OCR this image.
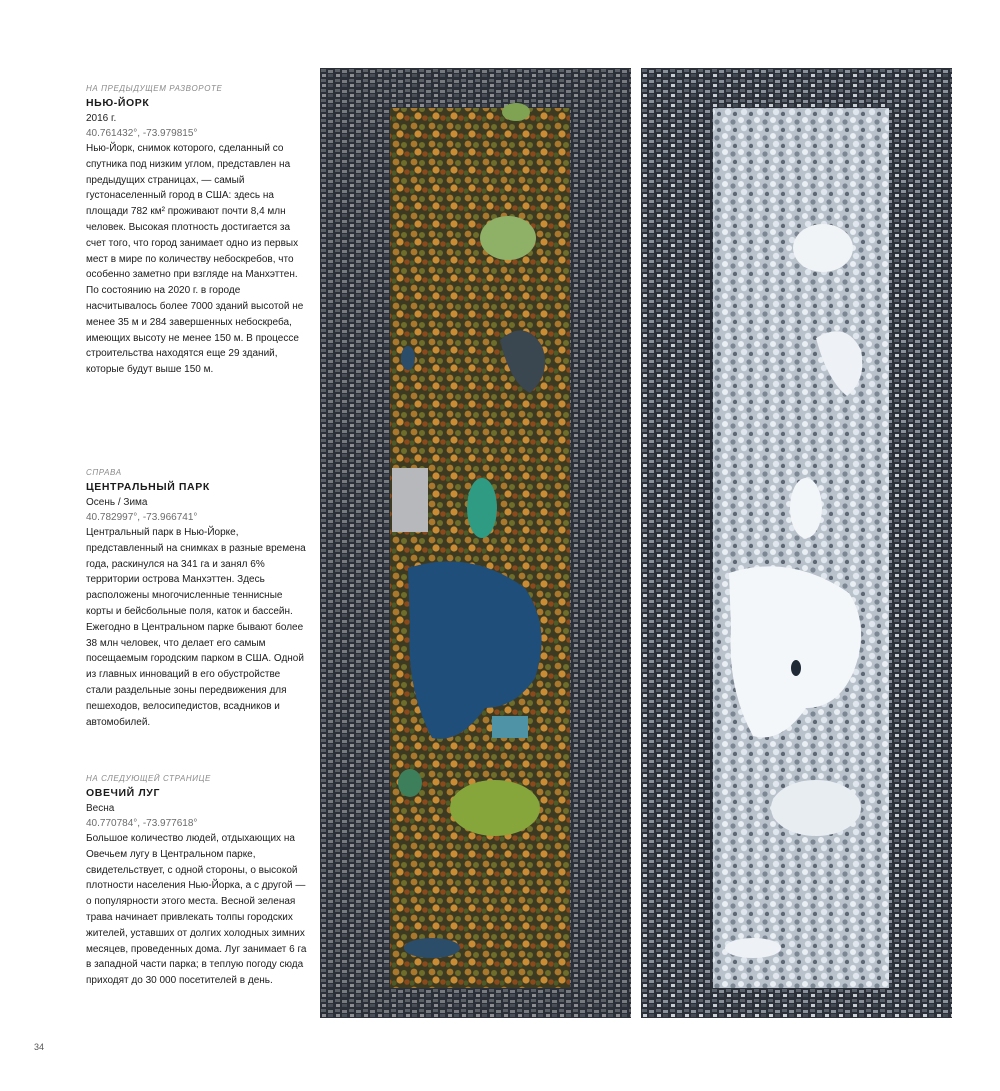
НА ПРЕДЫДУЩЕМ РАЗВОРОТЕ
НЬЮ-ЙОРК
2016 г.
40.761432°, -73.979815°

Нью-Йорк, снимок которого, сделанный со спутника под низким углом, представлен на предыдущих страницах, — самый густонаселенный город в США: здесь на площади 782 км² проживают почти 8,4 млн человек. Высокая плотность достигается за счет того, что город занимает одно из первых мест в мире по количеству небоскребов, что особенно заметно при взгляде на Манхэттен. По состоянию на 2020 г. в городе насчитывалось более 7000 зданий высотой не менее 35 м и 284 завершенных небоскреба, имеющих высоту не менее 150 м. В процессе строительства находятся еще 29 зданий, которые будут выше 150 м.

СПРАВА
ЦЕНТРАЛЬНЫЙ ПАРК
Осень / Зима
40.782997°, -73.966741°

Центральный парк в Нью-Йорке, представленный на снимках в разные времена года, раскинулся на 341 га и занял 6% территории острова Манхэттен. Здесь расположены многочисленные теннисные корты и бейсбольные поля, каток и бассейн. Ежегодно в Центральном парке бывают более 38 млн человек, что делает его самым посещаемым городским парком в США. Одной из главных инноваций в его обустройстве стали раздельные зоны передвижения для пешеходов, велосипедистов, всадников и автомобилей.

НА СЛЕДУЮЩЕЙ СТРАНИЦЕ
ОВЕЧИЙ ЛУГ
Весна
40.770784°, -73.977618°

Большое количество людей, отдыхающих на Овечьем лугу в Центральном парке, свидетельствует, с одной стороны, о высокой плотности населения Нью-Йорка, а с другой — о популярности этого места. Весной зеленая трава начинает привлекать толпы городских жителей, уставших от долгих холодных зимних месяцев, проведенных дома. Луг занимает 6 га в западной части парка; в теплую погоду сюда приходят до 30 000 посетителей в день.

34
